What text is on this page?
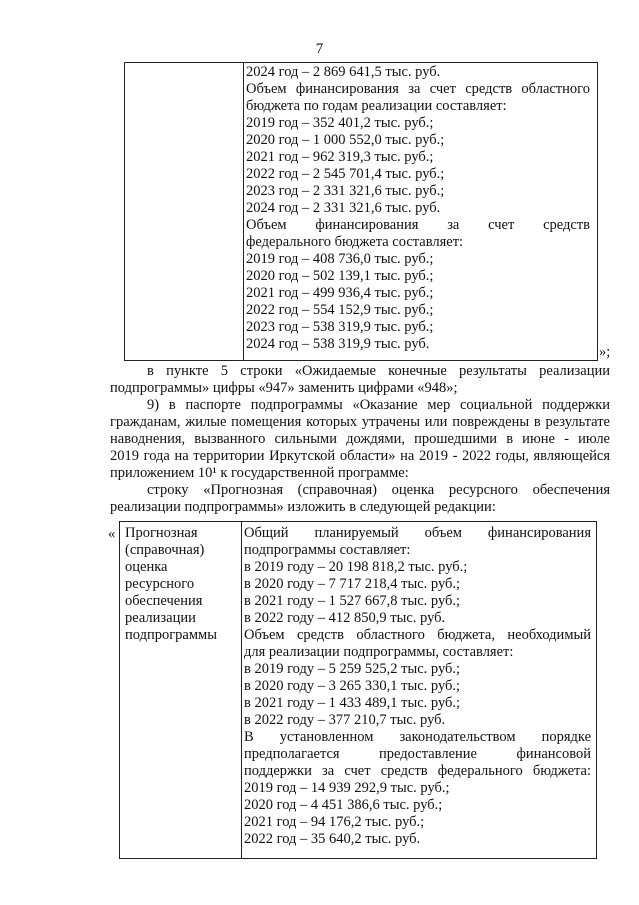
7
2024 год – 2 869 641,5 тыс. руб.
Объем финансирования за счет средств областного
бюджета по годам реализации составляет:
2019 год – 352 401,2 тыс. руб.;
2020 год – 1 000 552,0 тыс. руб.;
2021 год – 962 319,3 тыс. руб.;
2022 год – 2 545 701,4 тыс. руб.;
2023 год – 2 331 321,6 тыс. руб.;
2024 год – 2 331 321,6 тыс. руб.
Объем финансирования за счет средств
федерального бюджета составляет:
2019 год – 408 736,0 тыс. руб.;
2020 год – 502 139,1 тыс. руб.;
2021 год – 499 936,4 тыс. руб.;
2022 год – 554 152,9 тыс. руб.;
2023 год – 538 319,9 тыс. руб.;
2024 год – 538 319,9 тыс. руб.	»;
в пункте 5 строки «Ожидаемые конечные результаты реализации
подпрограммы» цифры «947» заменить цифрами «948»;
9) в паспорте подпрограммы «Оказание мер социальной поддержки
гражданам, жилые помещения которых утрачены или повреждены в результате
наводнения, вызванного сильными дождями, прошедшими в июне - июле
2019 года на территории Иркутской области» на 2019 - 2022 годы, являющейся
приложением 10¹ к государственной программе:
строку «Прогнозная (справочная) оценка ресурсного обеспечения
реализации подпрограммы» изложить в следующей редакции:
« Прогнозная
(справочная)
оценка
ресурсного
обеспечения
реализации
подпрограммы
Общий планируемый объем финансирования
подпрограммы составляет:
в 2019 году – 20 198 818,2 тыс. руб.;
в 2020 году – 7 717 218,4 тыс. руб.;
в 2021 году – 1 527 667,8 тыс. руб.;
в 2022 году – 412 850,9 тыс. руб.
Объем средств областного бюджета, необходимый
для реализации подпрограммы, составляет:
в 2019 году – 5 259 525,2 тыс. руб.;
в 2020 году – 3 265 330,1 тыс. руб.;
в 2021 году – 1 433 489,1 тыс. руб.;
в 2022 году – 377 210,7 тыс. руб.
В установленном законодательством порядке
предполагается предоставление финансовой
поддержки за счет средств федерального бюджета:
2019 год – 14 939 292,9 тыс. руб.;
2020 год – 4 451 386,6 тыс. руб.;
2021 год – 94 176,2 тыс. руб.;
2022 год – 35 640,2 тыс. руб.
